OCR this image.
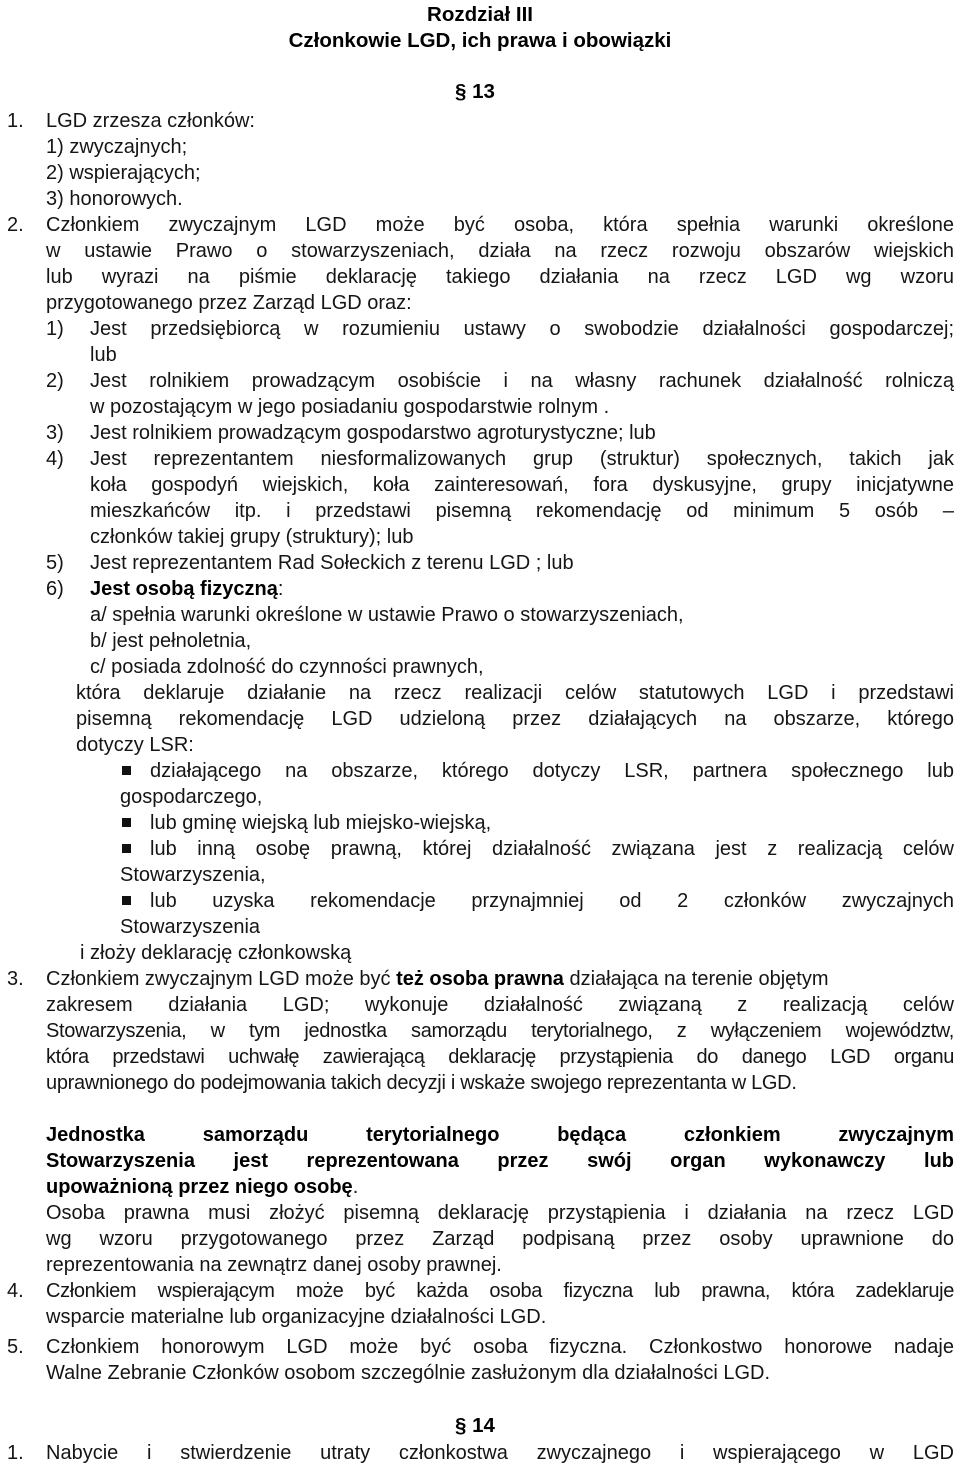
Rozdział III
Członkowie LGD, ich prawa i obowiązki
§ 13
1. LGD zrzesza członków:
1) zwyczajnych;
2) wspierających;
3) honorowych.
2. Członkiem zwyczajnym LGD może być osoba, która spełnia warunki określone
w ustawie Prawo o stowarzyszeniach, działa na rzecz rozwoju obszarów wiejskich
lub wyrazi na piśmie deklarację takiego działania na rzecz LGD wg wzoru
przygotowanego przez Zarząd LGD oraz:
1) Jest przedsiębiorcą w rozumieniu ustawy o swobodzie działalności gospodarczej;
lub
2) Jest rolnikiem prowadzącym osobiście i na własny rachunek działalność rolniczą
w pozostającym w jego posiadaniu gospodarstwie rolnym .
3) Jest rolnikiem prowadzącym gospodarstwo agroturystyczne; lub
4) Jest reprezentantem niesformalizowanych grup (struktur) społecznych, takich jak
koła gospodyń wiejskich, koła zainteresowań, fora dyskusyjne, grupy inicjatywne
mieszkańców itp. i przedstawi pisemną rekomendację od minimum 5 osób –
członków takiej grupy (struktury); lub
5) Jest reprezentantem Rad Sołeckich z terenu LGD ; lub
6) Jest osobą fizyczną:
a/ spełnia warunki określone w ustawie Prawo o stowarzyszeniach,
b/ jest pełnoletnia,
c/ posiada zdolność do czynności prawnych,
która deklaruje działanie na rzecz realizacji celów statutowych LGD i przedstawi
pisemną rekomendację LGD udzieloną przez działających na obszarze, którego
dotyczy LSR:
działającego na obszarze, którego dotyczy LSR, partnera społecznego lub
gospodarczego,
lub gminę wiejską lub miejsko-wiejską,
lub inną osobę prawną, której działalność związana jest z realizacją celów
Stowarzyszenia,
lub uzyska rekomendacje przynajmniej od 2 członków zwyczajnych
Stowarzyszenia
i złoży deklarację członkowską
3. Członkiem zwyczajnym LGD może być też osoba prawna działająca na terenie objętym
zakresem działania LGD; wykonuje działalność związaną z realizacją celów
Stowarzyszenia, w tym jednostka samorządu terytorialnego, z wyłączeniem województw,
która przedstawi uchwałę zawierającą deklarację przystąpienia do danego LGD organu
uprawnionego do podejmowania takich decyzji i wskaże swojego reprezentanta w LGD.
Jednostka samorządu terytorialnego będąca członkiem zwyczajnym
Stowarzyszenia jest reprezentowana przez swój organ wykonawczy lub
upoważnioną przez niego osobę.
Osoba prawna musi złożyć pisemną deklarację przystąpienia i działania na rzecz LGD
wg wzoru przygotowanego przez Zarząd podpisaną przez osoby uprawnione do
reprezentowania na zewnątrz danej osoby prawnej.
4. Członkiem wspierającym może być każda osoba fizyczna lub prawna, która zadeklaruje
wsparcie materialne lub organizacyjne działalności LGD.
5. Członkiem honorowym LGD może być osoba fizyczna. Członkostwo honorowe nadaje
Walne Zebranie Członków osobom szczególnie zasłużonym dla działalności LGD.
§ 14
1. Nabycie i stwierdzenie utraty członkostwa zwyczajnego i wspierającego w LGD
